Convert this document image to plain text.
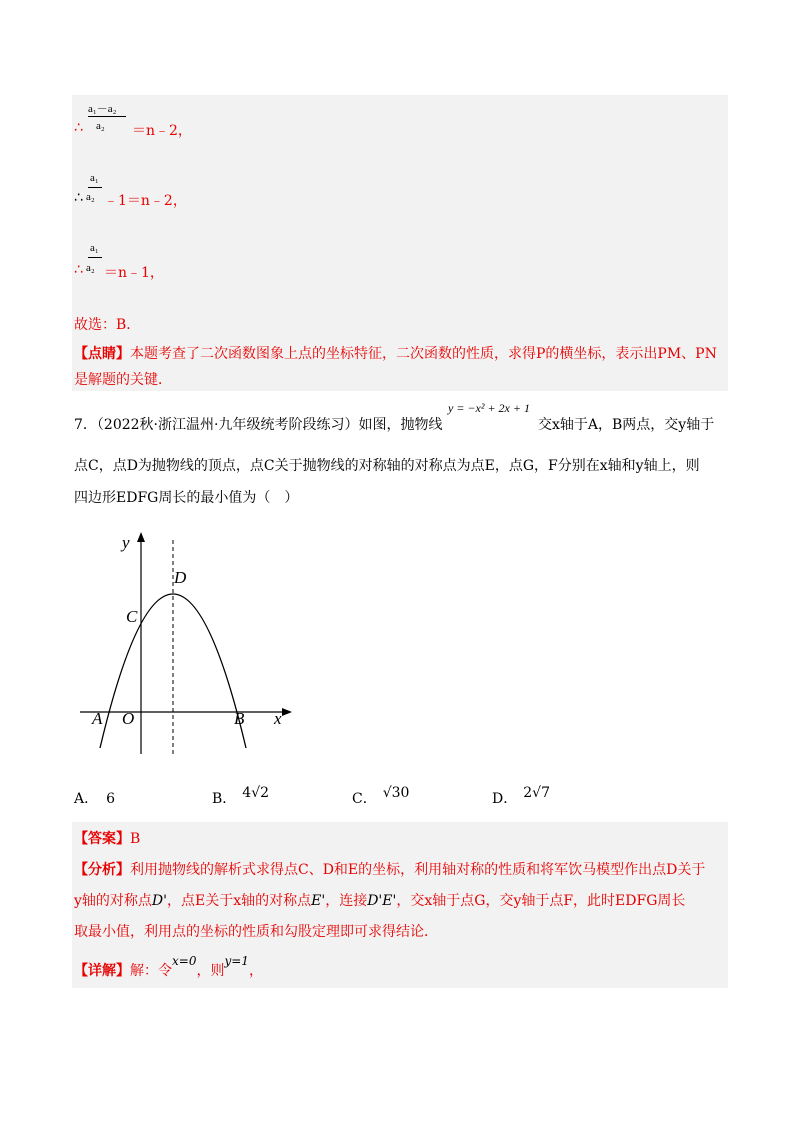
a₁－a₂
a₂
∴	＝n﹣2，
a₁
a₂
∴ ﹣1＝n﹣2，
a₁
a₂
∴ ＝n﹣1，
故选：B．
【点睛】本题考查了二次函数图象上点的坐标特征，二次函数的性质，求得P的横坐标，表示出PM、PN
是解题的关键．
7．（2022秋·浙江温州·九年级统考阶段练习）如图，抛物线
y = −x² + 2x + 1
交x轴于A，B两点，交y轴于
点C，点D为抛物线的顶点，点C关于抛物线的对称轴的对称点为点E，点G，F分别在x轴和y轴上，则
四边形EDFG周长的最小值为（　）
y
x
D
C
A O	B
A． 6	B． 4√2	C． √30	D． 2√7
【答案】B
【分析】利用抛物线的解析式求得点C、D和E的坐标，利用轴对称的性质和将军饮马模型作出点D关于
y轴的对称点D'，点E关于x轴的对称点E'，连接D'E'，交x轴于点G，交y轴于点F，此时EDFG周长
取最小值，利用点的坐标的性质和勾股定理即可求得结论．
【详解】解：令x=0，则y=1，
